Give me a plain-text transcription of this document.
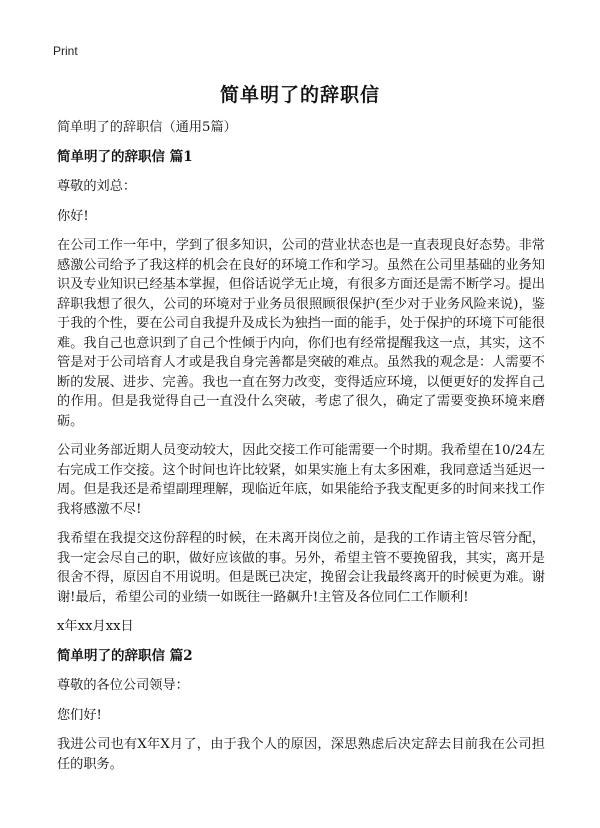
Print
简单明了的辞职信

简单明了的辞职信（通用5篇）

简单明了的辞职信 篇1

尊敬的刘总：

你好!

在公司工作一年中，学到了很多知识，公司的营业状态也是一直表现良好态势。非常感激公司给予了我这样的机会在良好的环境工作和学习。虽然在公司里基础的业务知识及专业知识已经基本掌握，但俗话说学无止境，有很多方面还是需不断学习。提出辞职我想了很久，公司的环境对于业务员很照顾很保护(至少对于业务风险来说)，鉴于我的个性，要在公司自我提升及成长为独挡一面的能手，处于保护的环境下可能很难。我自己也意识到了自己个性倾于内向，你们也有经常提醒我这一点，其实，这不管是对于公司培育人才或是我自身完善都是突破的难点。虽然我的观念是：人需要不断的发展、进步、完善。我也一直在努力改变，变得适应环境，以便更好的发挥自己的作用。但是我觉得自己一直没什么突破，考虑了很久，确定了需要变换环境来磨砺。

公司业务部近期人员变动较大，因此交接工作可能需要一个时期。我希望在10/24左右完成工作交接。这个时间也许比较紧，如果实施上有太多困难，我同意适当延迟一周。但是我还是希望副理理解，现临近年底，如果能给予我支配更多的时间来找工作我将感激不尽!

我希望在我提交这份辞程的时候，在未离开岗位之前，是我的工作请主管尽管分配，我一定会尽自己的职，做好应该做的事。另外，希望主管不要挽留我，其实，离开是很舍不得，原因自不用说明。但是既已决定，挽留会让我最终离开的时候更为难。谢谢!最后，希望公司的业绩一如既往一路飙升!主管及各位同仁工作顺利!

x年xx月xx日

简单明了的辞职信 篇2

尊敬的各位公司领导：

您们好!

我进公司也有X年X月了，由于我个人的原因，深思熟虑后决定辞去目前我在公司担任的职务。
